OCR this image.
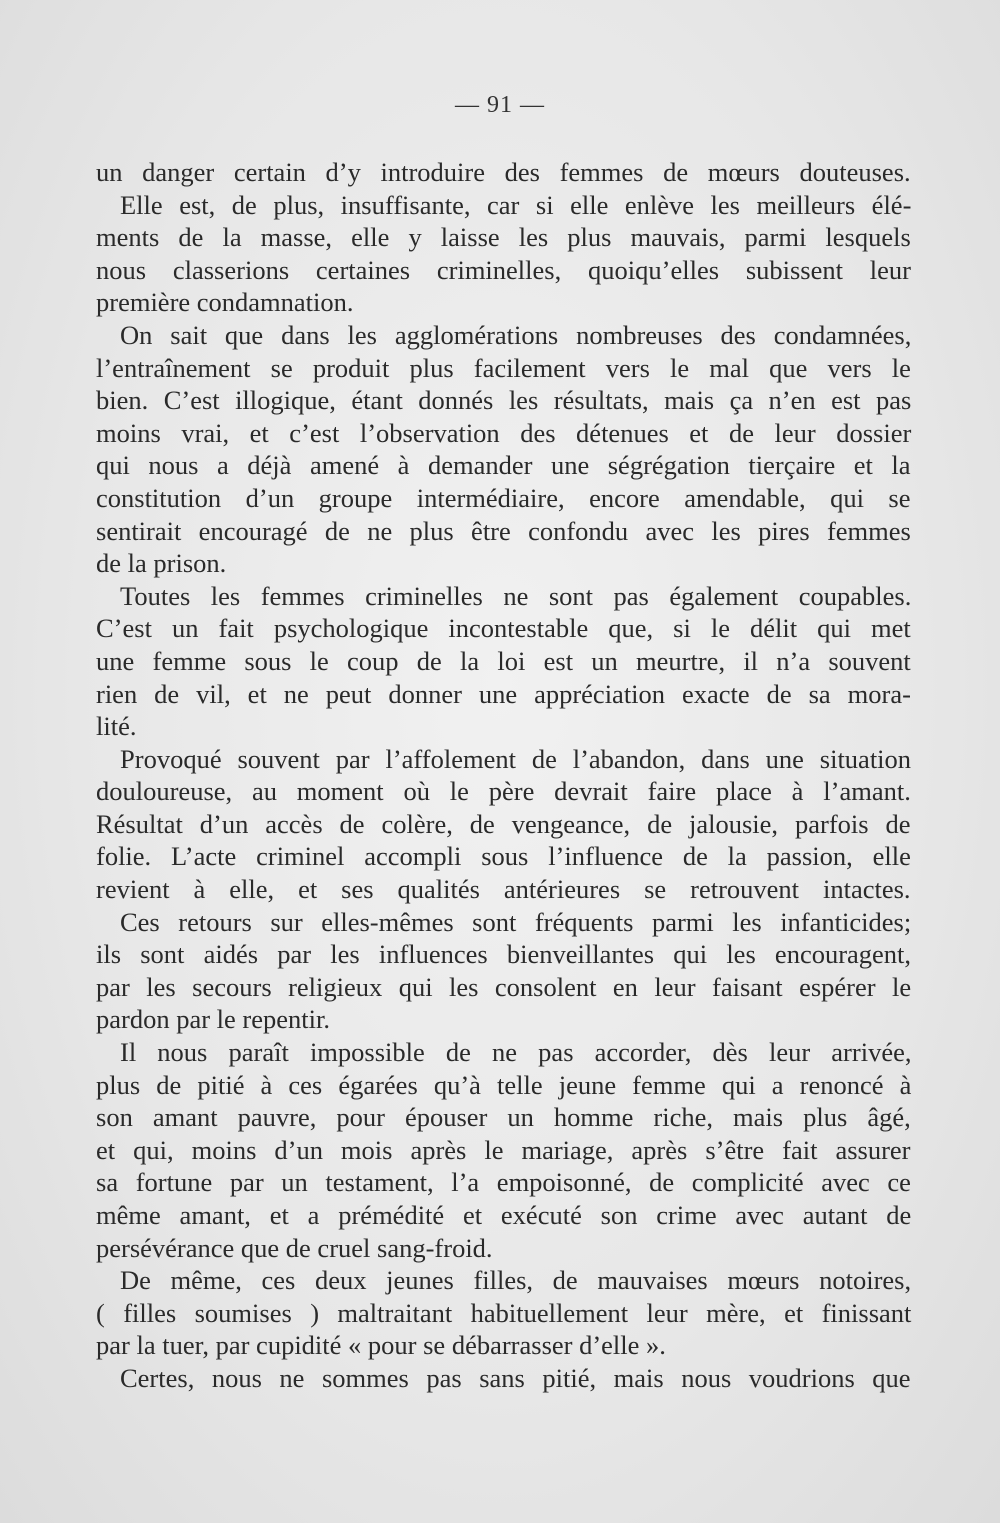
— 91 —
un danger certain d’y introduire des femmes de mœurs douteuses.
Elle est, de plus, insuffisante, car si elle enlève les meilleurs élé-
ments de la masse, elle y laisse les plus mauvais, parmi lesquels
nous classerions certaines criminelles, quoiqu’elles subissent leur
première condamnation.
On sait que dans les agglomérations nombreuses des condamnées,
l’entraînement se produit plus facilement vers le mal que vers le
bien. C’est illogique, étant donnés les résultats, mais ça n’en est pas
moins vrai, et c’est l’observation des détenues et de leur dossier
qui nous a déjà amené à demander une ségrégation tierçaire et la
constitution d’un groupe intermédiaire, encore amendable, qui se
sentirait encouragé de ne plus être confondu avec les pires femmes
de la prison.
Toutes les femmes criminelles ne sont pas également coupables.
C’est un fait psychologique incontestable que, si le délit qui met
une femme sous le coup de la loi est un meurtre, il n’a souvent
rien de vil, et ne peut donner une appréciation exacte de sa mora-
lité.
Provoqué souvent par l’affolement de l’abandon, dans une situation
douloureuse, au moment où le père devrait faire place à l’amant.
Résultat d’un accès de colère, de vengeance, de jalousie, parfois de
folie. L’acte criminel accompli sous l’influence de la passion, elle
revient à elle, et ses qualités antérieures se retrouvent intactes.
Ces retours sur elles-mêmes sont fréquents parmi les infanticides;
ils sont aidés par les influences bienveillantes qui les encouragent,
par les secours religieux qui les consolent en leur faisant espérer le
pardon par le repentir.
Il nous paraît impossible de ne pas accorder, dès leur arrivée,
plus de pitié à ces égarées qu’à telle jeune femme qui a renoncé à
son amant pauvre, pour épouser un homme riche, mais plus âgé,
et qui, moins d’un mois après le mariage, après s’être fait assurer
sa fortune par un testament, l’a empoisonné, de complicité avec ce
même amant, et a prémédité et exécuté son crime avec autant de
persévérance que de cruel sang-froid.
De même, ces deux jeunes filles, de mauvaises mœurs notoires,
( filles soumises ) maltraitant habituellement leur mère, et finissant
par la tuer, par cupidité « pour se débarrasser d’elle ».
Certes, nous ne sommes pas sans pitié, mais nous voudrions que
